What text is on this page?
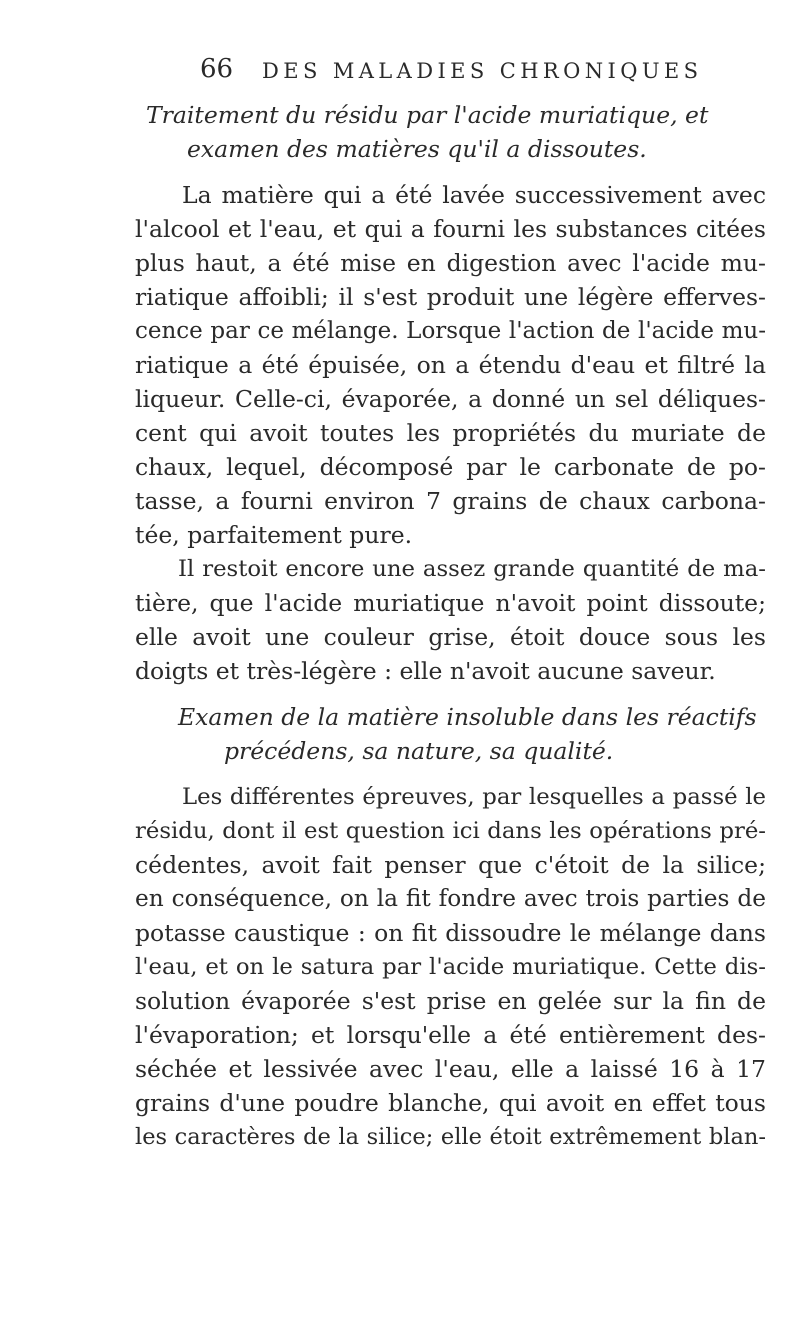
66 DES MALADIES CHRONIQUES
Traitement du résidu par l'acide muriatique, et
examen des matières qu'il a dissoutes.
La matière qui a été lavée successivement avec
l'alcool et l'eau, et qui a fourni les substances citées
plus haut, a été mise en digestion avec l'acide mu-
riatique affoibli; il s'est produit une légère efferves-
cence par ce mélange. Lorsque l'action de l'acide mu-
riatique a été épuisée, on a étendu d'eau et filtré la
liqueur. Celle-ci, évaporée, a donné un sel déliques-
cent qui avoit toutes les propriétés du muriate de
chaux, lequel, décomposé par le carbonate de po-
tasse, a fourni environ 7 grains de chaux carbona-
tée, parfaitement pure.
Il restoit encore une assez grande quantité de ma-
tière, que l'acide muriatique n'avoit point dissoute;
elle avoit une couleur grise, étoit douce sous les
doigts et très-légère : elle n'avoit aucune saveur.
Examen de la matière insoluble dans les réactifs
précédens, sa nature, sa qualité.
Les différentes épreuves, par lesquelles a passé le
résidu, dont il est question ici dans les opérations pré-
cédentes, avoit fait penser que c'étoit de la silice;
en conséquence, on la fit fondre avec trois parties de
potasse caustique : on fit dissoudre le mélange dans
l'eau, et on le satura par l'acide muriatique. Cette dis-
solution évaporée s'est prise en gelée sur la fin de
l'évaporation; et lorsqu'elle a été entièrement des-
séchée et lessivée avec l'eau, elle a laissé 16 à 17
grains d'une poudre blanche, qui avoit en effet tous
les caractères de la silice; elle étoit extrêmement blan-
